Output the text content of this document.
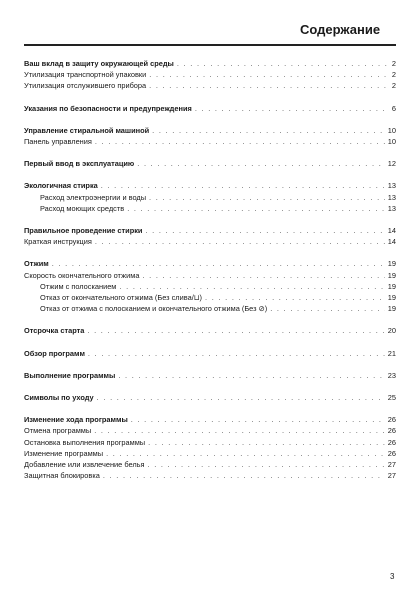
Содержание
Ваш вклад в защиту окружающей среды . . .	2
Утилизация транспортной упаковки . . .	2
Утилизация отслужившего прибора . . .	2
Указания по безопасности и предупреждения . . .	6
Управление стиральной машиной . . .	10
Панель управления . . .	10
Первый ввод в эксплуатацию . . .	12
Экологичная стирка . . .	13
Расход электроэнергии и воды . . .	13
Расход моющих средств . . .	13
Правильное проведение стирки . . .	14
Краткая инструкция . . .	14
Отжим . . .	19
Скорость окончательного отжима . . .	19
Отжим с полосканием . . .	19
Отказ от окончательного отжима (Без слива/⊔) . . .	19
Отказ от отжима с полосканием и окончательного отжима (Без ⊘) . . .	19
Отсрочка старта . . .	20
Обзор программ . . .	21
Выполнение программы . . .	23
Символы по уходу . . .	25
Изменение хода программы . . .	26
Отмена программы . . .	26
Остановка выполнения программы . . .	26
Изменение программы . . .	26
Добавление или извлечение белья . . .	27
Защитная блокировка . . .	27
3
